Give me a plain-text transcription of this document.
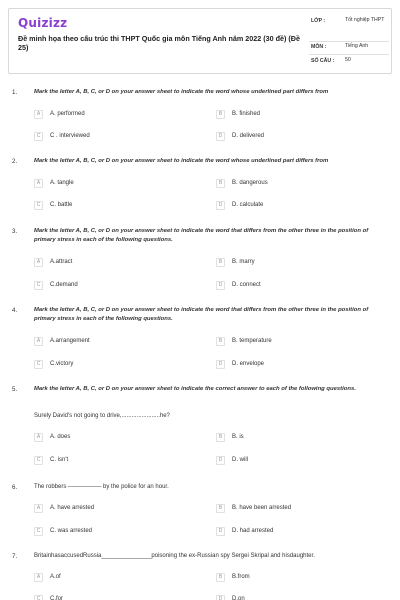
Quizizz
Đề minh họa theo cấu trúc thi THPT Quốc gia môn Tiếng Anh năm 2022 (30 đề) (Đề 25)
LỚP :	Tốt nghiệp THPT
MÔN :	Tiếng Anh
SỐ CÂU : 50
1.	Mark the letter A, B, C, or D on your answer sheet to indicate the word whose underlined part differs from
A	A. performed	B	B. finished
C	C . interviewed	D	D. delivered
2.	Mark the letter A, B, C, or D on your answer sheet to indicate the word whose underlined part differs from
A	A. tangle	B	B. dangerous
C	C. battle	D	D. calculate
3.	Mark the letter A, B, C, or D on your answer sheet to indicate the word that differs from the other three in the position of primary stress in each of the following questions.
A	A.attract	B	B. marry
C	C.demand	D	D. connect
4.	Mark the letter A, B, C, or D on your answer sheet to indicate the word that differs from the other three in the position of primary stress in each of the following questions.
A	A.arrangement	B	B. temperature
C	C.victory	D	D. envelope
5.	Mark the letter A, B, C, or D on your answer sheet to indicate the correct answer to each of the following questions.
Surely David's not going to drive,.......................he?
A	A. does	B	B. is
C	C. isn't	D	D. will
6.	The robbers –––––––––– by the police for an hour.
A	A. have arrested	B	B. have been arrested
C	C. was arrested	D	D. had arrested
7.	BritainhasaccusedRussia_______________poisoning the ex-Russian spy Sergei Skripal and hisdaughter.
A	A.of	B	B.from
C	C.for	D	D.on
